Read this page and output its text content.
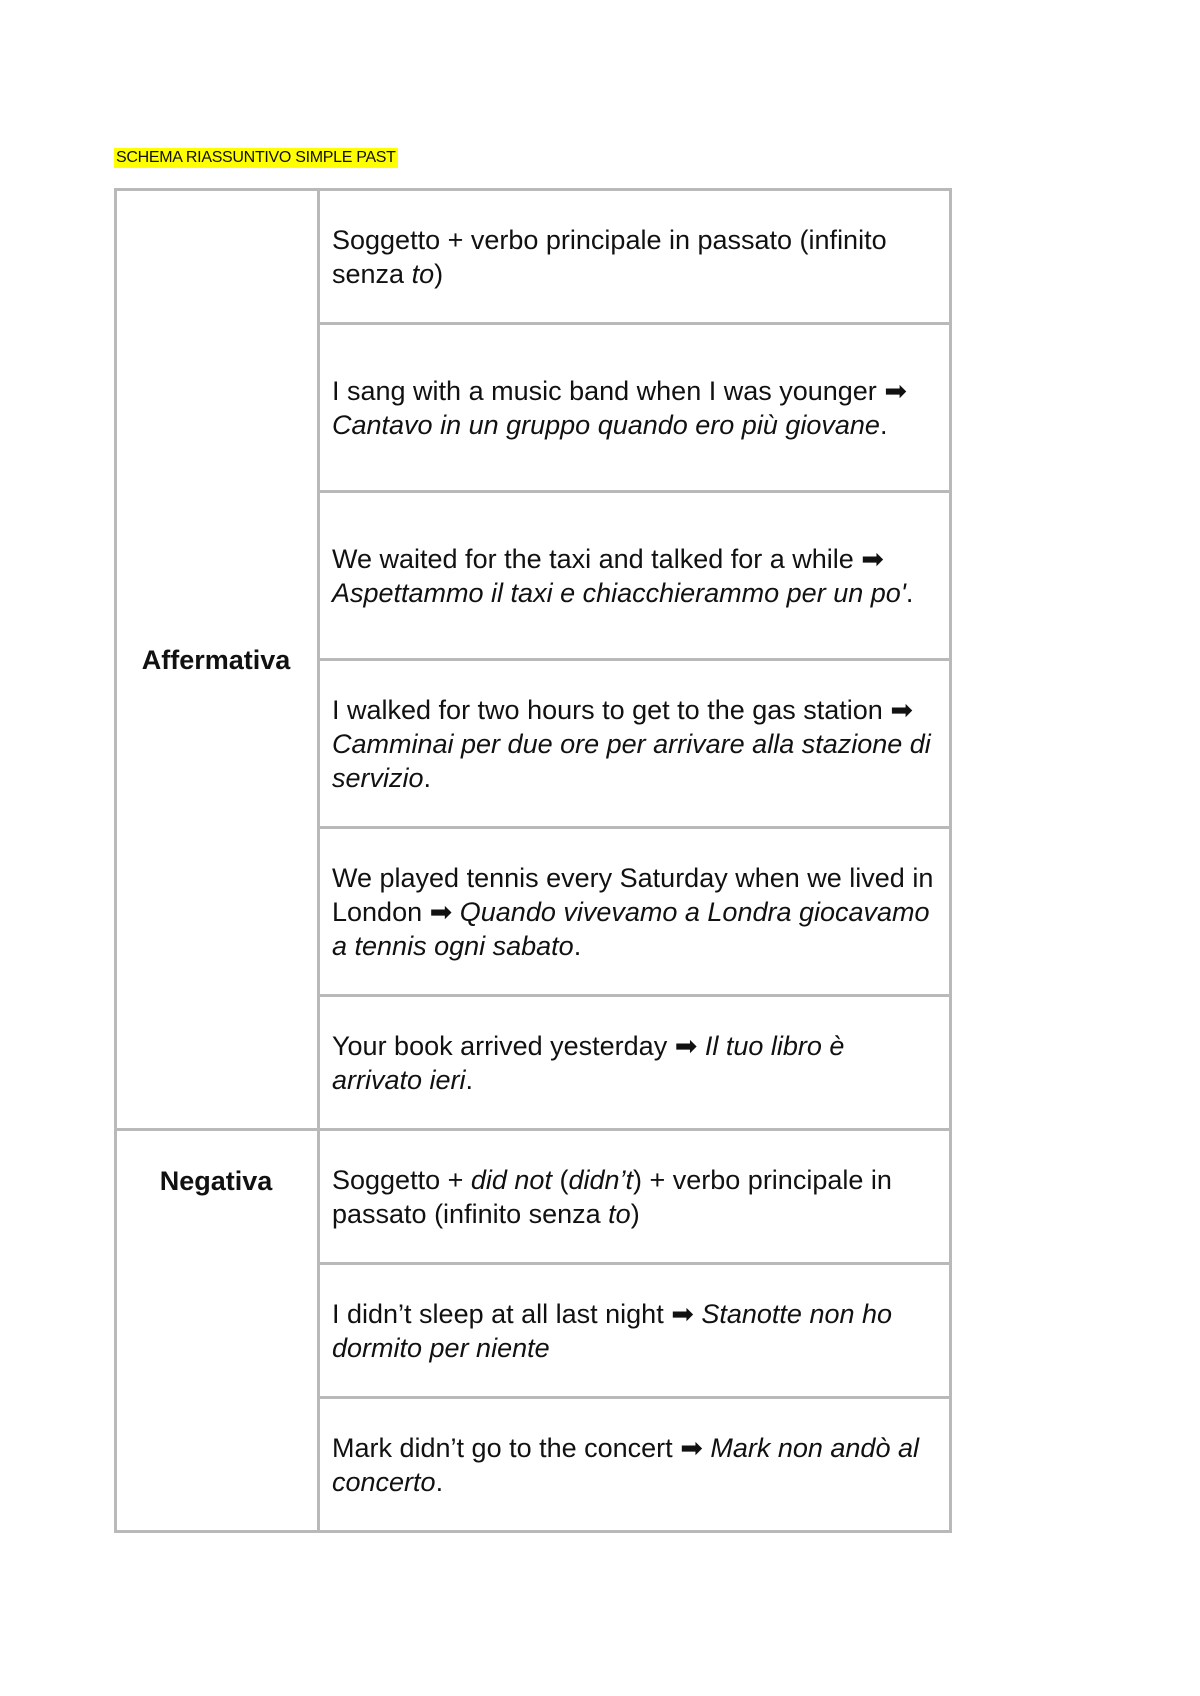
SCHEMA RIASSUNTIVO SIMPLE PAST
Affermativa	Soggetto + verbo principale in passato (infinito senza to)
	I sang with a music band when I was younger ➡ Cantavo in un gruppo quando ero più giovane.
	We waited for the taxi and talked for a while ➡ Aspettammo il taxi e chiacchierammo per un po'.
	I walked for two hours to get to the gas station ➡ Camminai per due ore per arrivare alla stazione di servizio.
	We played tennis every Saturday when we lived in London ➡ Quando vivevamo a Londra giocavamo a tennis ogni sabato.
	Your book arrived yesterday ➡ Il tuo libro è arrivato ieri.
Negativa	Soggetto + did not (didn’t) + verbo principale in passato (infinito senza to)
	I didn’t sleep at all last night ➡ Stanotte non ho dormito per niente
	Mark didn’t go to the concert ➡ Mark non andò al concerto.
